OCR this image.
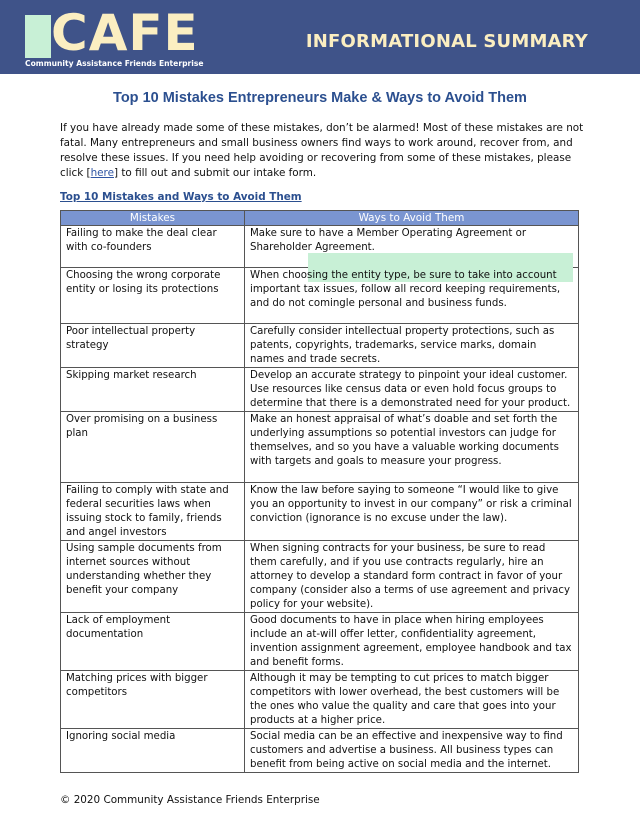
CAFE
Community Assistance Friends Enterprise
INFORMATIONAL SUMMARY
Top 10 Mistakes Entrepreneurs Make & Ways to Avoid Them

If you have already made some of these mistakes, don’t be alarmed! Most of these mistakes are not fatal. Many entrepreneurs and small business owners find ways to work around, recover from, and resolve these issues. If you need help avoiding or recovering from some of these mistakes, please click [here] to fill out and submit our intake form.

Top 10 Mistakes and Ways to Avoid Them
Mistakes	Ways to Avoid Them
Failing to make the deal clear with co-founders	Make sure to have a Member Operating Agreement or Shareholder Agreement.
Choosing the wrong corporate entity or losing its protections	When choosing the entity type, be sure to take into account important tax issues, follow all record keeping requirements, and do not comingle personal and business funds.
Poor intellectual property strategy	Carefully consider intellectual property protections, such as patents, copyrights, trademarks, service marks, domain names and trade secrets.
Skipping market research	Develop an accurate strategy to pinpoint your ideal customer. Use resources like census data or even hold focus groups to determine that there is a demonstrated need for your product.
Over promising on a business plan	Make an honest appraisal of what’s doable and set forth the underlying assumptions so potential investors can judge for themselves, and so you have a valuable working documents with targets and goals to measure your progress.
Failing to comply with state and federal securities laws when issuing stock to family, friends and angel investors	Know the law before saying to someone “I would like to give you an opportunity to invest in our company” or risk a criminal conviction (ignorance is no excuse under the law).
Using sample documents from internet sources without understanding whether they benefit your company	When signing contracts for your business, be sure to read them carefully, and if you use contracts regularly, hire an attorney to develop a standard form contract in favor of your company (consider also a terms of use agreement and privacy policy for your website).
Lack of employment documentation	Good documents to have in place when hiring employees include an at-will offer letter, confidentiality agreement, invention assignment agreement, employee handbook and tax and benefit forms.
Matching prices with bigger competitors	Although it may be tempting to cut prices to match bigger competitors with lower overhead, the best customers will be the ones who value the quality and care that goes into your products at a higher price.
Ignoring social media	Social media can be an effective and inexpensive way to find customers and advertise a business. All business types can benefit from being active on social media and the internet.
© 2020 Community Assistance Friends Enterprise
